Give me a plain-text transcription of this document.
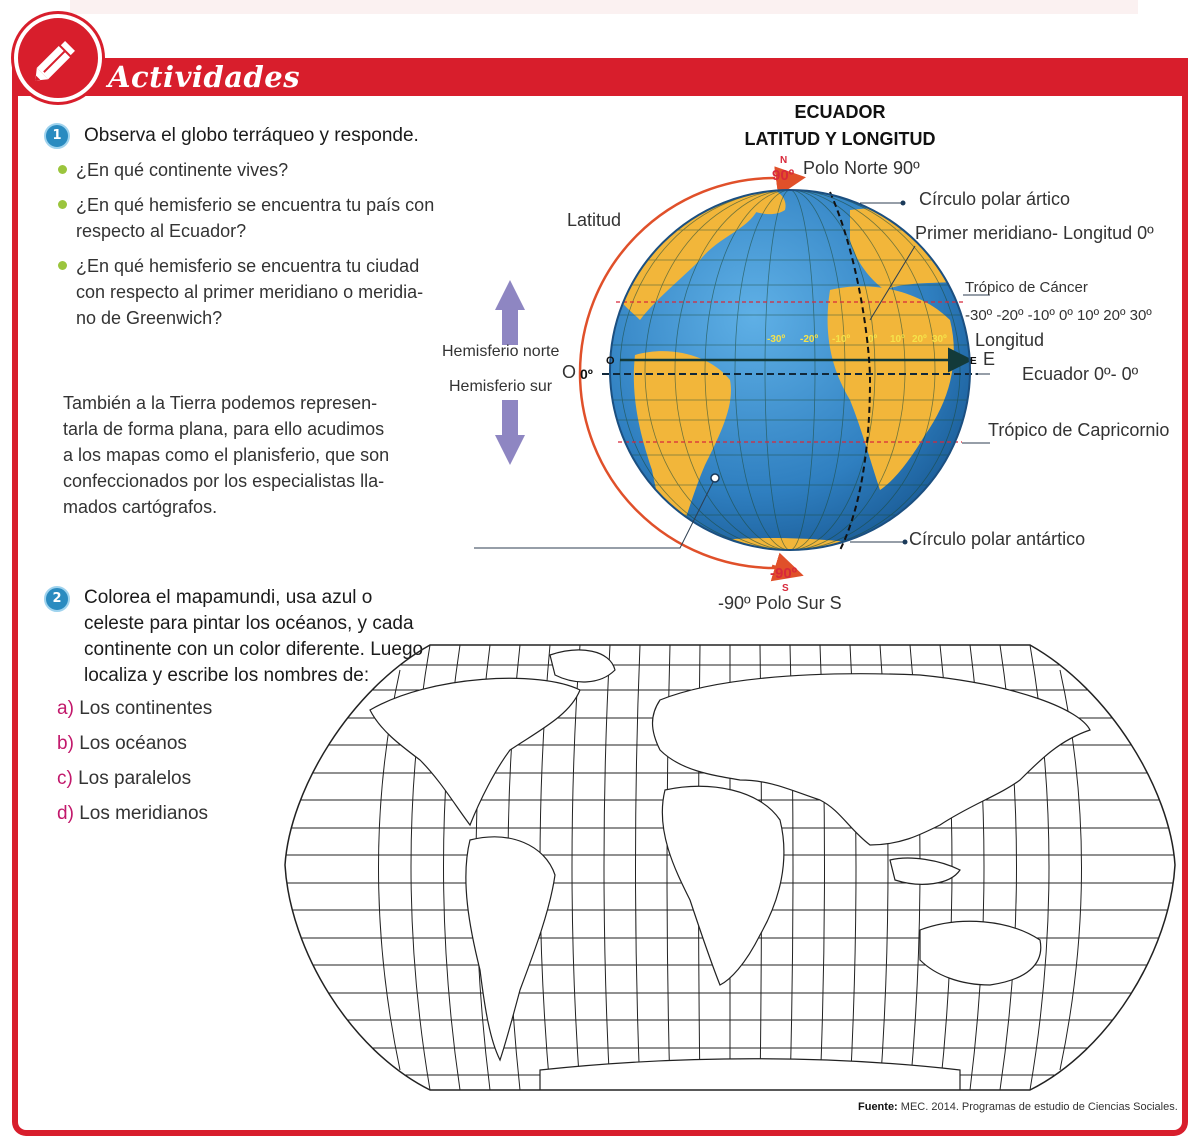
Actividades
1	Observa el globo terráqueo y responde.
¿En qué continente vives?
¿En qué hemisferio se encuentra tu país con
respecto al Ecuador?
¿En qué hemisferio se encuentra tu ciudad
con respecto al primer meridiano o meridia-
no de Greenwich?
También a la Tierra podemos represen-
tarla de forma plana, para ello acudimos
a los mapas como el planisferio, que son
confeccionados por los especialistas lla-
mados cartógrafos.
ECUADOR
LATITUD Y LONGITUD
-30º -20º -10º 0º 10º 20º 30º
N
90º
-90º
S
O
0º
E
Polo Norte 90º
Círculo polar ártico
Primer meridiano- Longitud 0º
Trópico de Cáncer
-30º -20º -10º 0º 10º 20º 30º
Longitud
E
Ecuador 0º- 0º
Trópico de Capricornio
Círculo polar antártico
-90º Polo Sur S
Latitud
Hemisferio norte
Hemisferio sur
O
2	Colorea el mapamundi, usa azul o
celeste para pintar los océanos, y cada
continente con un color diferente. Luego
localiza y escribe los nombres de:
a) Los continentes
b) Los océanos
c) Los paralelos
d) Los meridianos
Fuente: MEC. 2014. Programas de estudio de Ciencias Sociales.
